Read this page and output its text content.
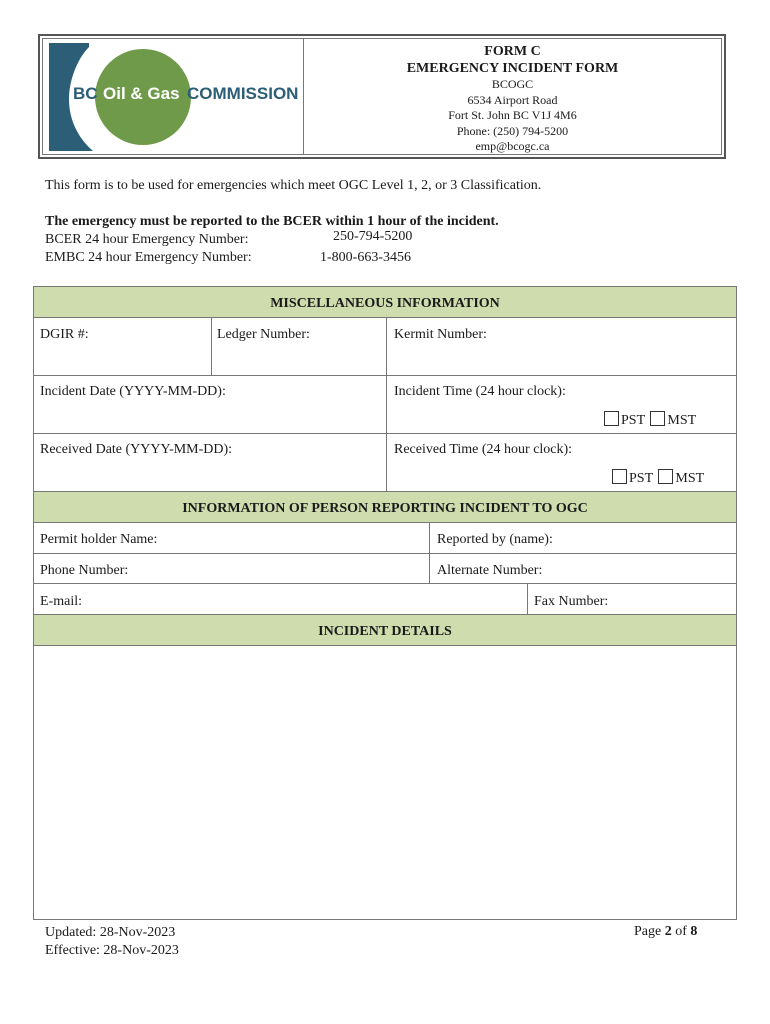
BC Oil & Gas COMMISSION
FORM C
EMERGENCY INCIDENT FORM
BCOGC
6534 Airport Road
Fort St. John BC V1J 4M6
Phone: (250) 794-5200
emp@bcogc.ca
This form is to be used for emergencies which meet OGC Level 1, 2, or 3 Classification.
The emergency must be reported to the BCER within 1 hour of the incident.
BCER 24 hour Emergency Number:	250-794-5200
EMBC 24 hour Emergency Number:	1-800-663-3456
MISCELLANEOUS INFORMATION
DGIR #:	Ledger Number:	Kermit Number:
Incident Date (YYYY-MM-DD):	Incident Time (24 hour clock):
PST MST
Received Date (YYYY-MM-DD):	Received Time (24 hour clock):
PST MST
INFORMATION OF PERSON REPORTING INCIDENT TO OGC
Permit holder Name:	Reported by (name):
Phone Number:	Alternate Number:
E-mail:	Fax Number:
INCIDENT DETAILS
Updated: 28-Nov-2023
Effective: 28-Nov-2023
Page 2 of 8
